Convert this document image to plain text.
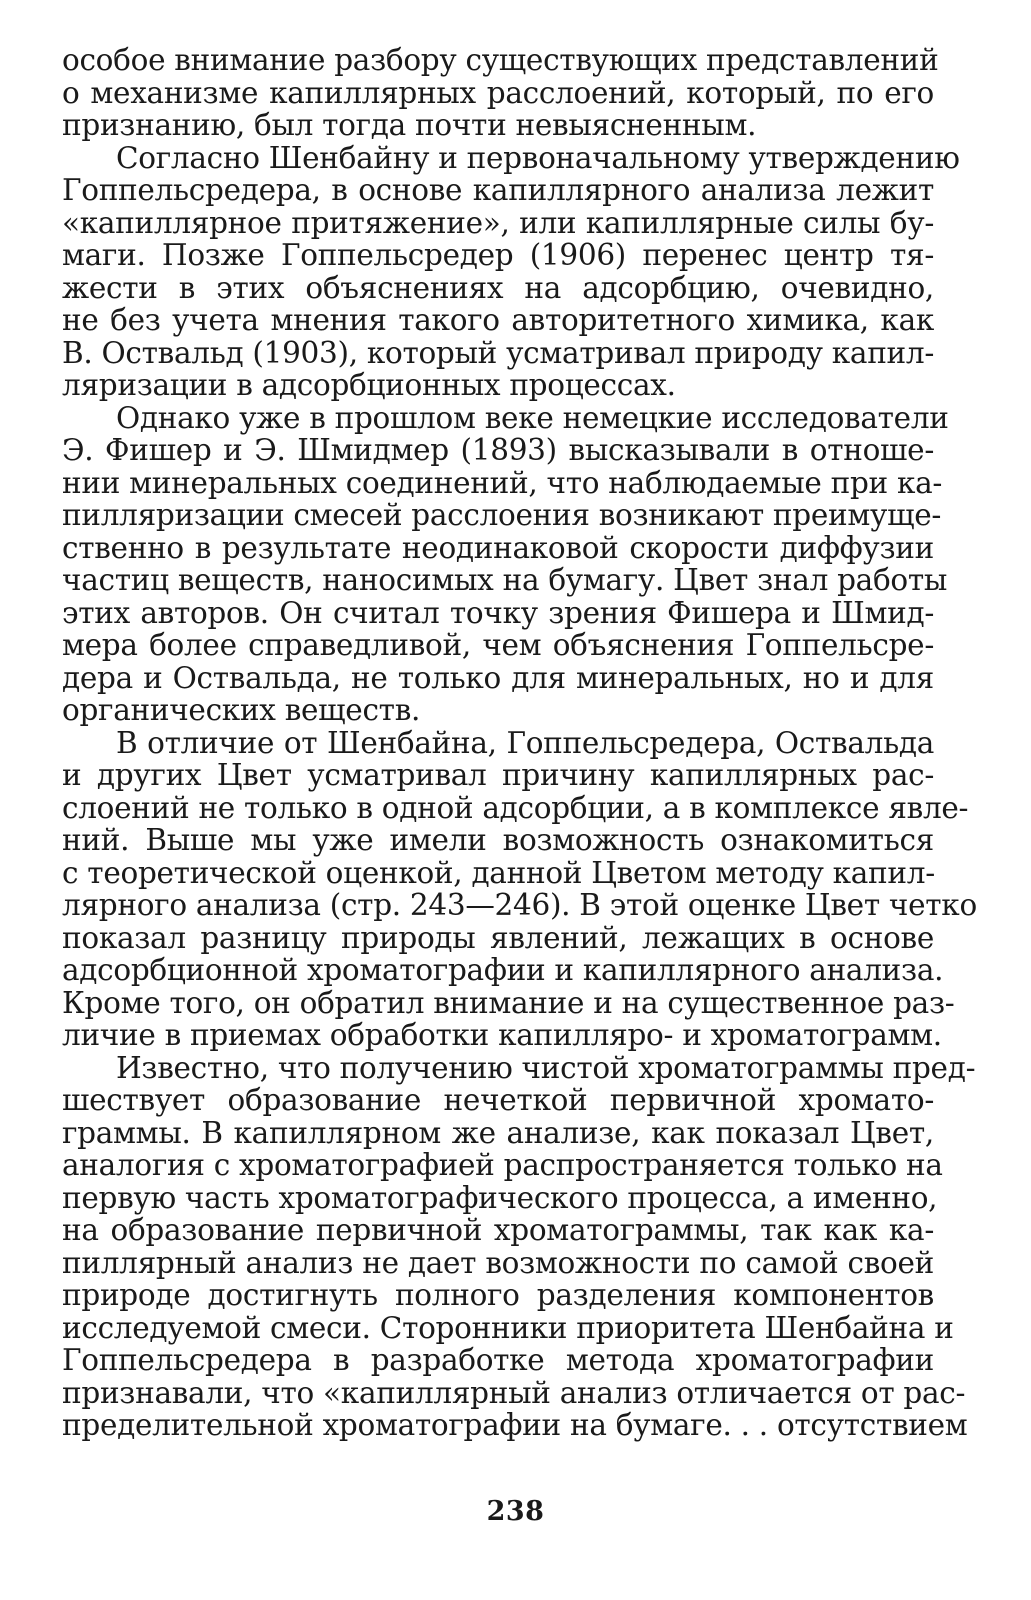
особое внимание разбору существующих представлений
о механизме капиллярных расслоений, который, по его
признанию, был тогда почти невыясненным.
Согласно Шенбайну и первоначальному утверждению
Гоппельсредера, в основе капиллярного анализа лежит
«капиллярное притяжение», или капиллярные силы бу-
маги. Позже Гоппельсредер (1906) перенес центр тя-
жести в этих объяснениях на адсорбцию, очевидно,
не без учета мнения такого авторитетного химика, как
В. Оствальд (1903), который усматривал природу капил-
ляризации в адсорбционных процессах.
Однако уже в прошлом веке немецкие исследователи
Э. Фишер и Э. Шмидмер (1893) высказывали в отноше-
нии минеральных соединений, что наблюдаемые при ка-
пилляризации смесей расслоения возникают преимуще-
ственно в результате неодинаковой скорости диффузии
частиц веществ, наносимых на бумагу. Цвет знал работы
этих авторов. Он считал точку зрения Фишера и Шмид-
мера более справедливой, чем объяснения Гоппельсре-
дера и Оствальда, не только для минеральных, но и для
органических веществ.
В отличие от Шенбайна, Гоппельсредера, Оствальда
и других Цвет усматривал причину капиллярных рас-
слоений не только в одной адсорбции, а в комплексе явле-
ний. Выше мы уже имели возможность ознакомиться
с теоретической оценкой, данной Цветом методу капил-
лярного анализа (стр. 243—246). В этой оценке Цвет четко
показал разницу природы явлений, лежащих в основе
адсорбционной хроматографии и капиллярного анализа.
Кроме того, он обратил внимание и на существенное раз-
личие в приемах обработки капилляро- и хроматограмм.
Известно, что получению чистой хроматограммы пред-
шествует образование нечеткой первичной хромато-
граммы. В капиллярном же анализе, как показал Цвет,
аналогия с хроматографией распространяется только на
первую часть хроматографического процесса, а именно,
на образование первичной хроматограммы, так как ка-
пиллярный анализ не дает возможности по самой своей
природе достигнуть полного разделения компонентов
исследуемой смеси. Сторонники приоритета Шенбайна и
Гоппельсредера в разработке метода хроматографии
признавали, что «капиллярный анализ отличается от рас-
пределительной хроматографии на бумаге. . . отсутствием
238
